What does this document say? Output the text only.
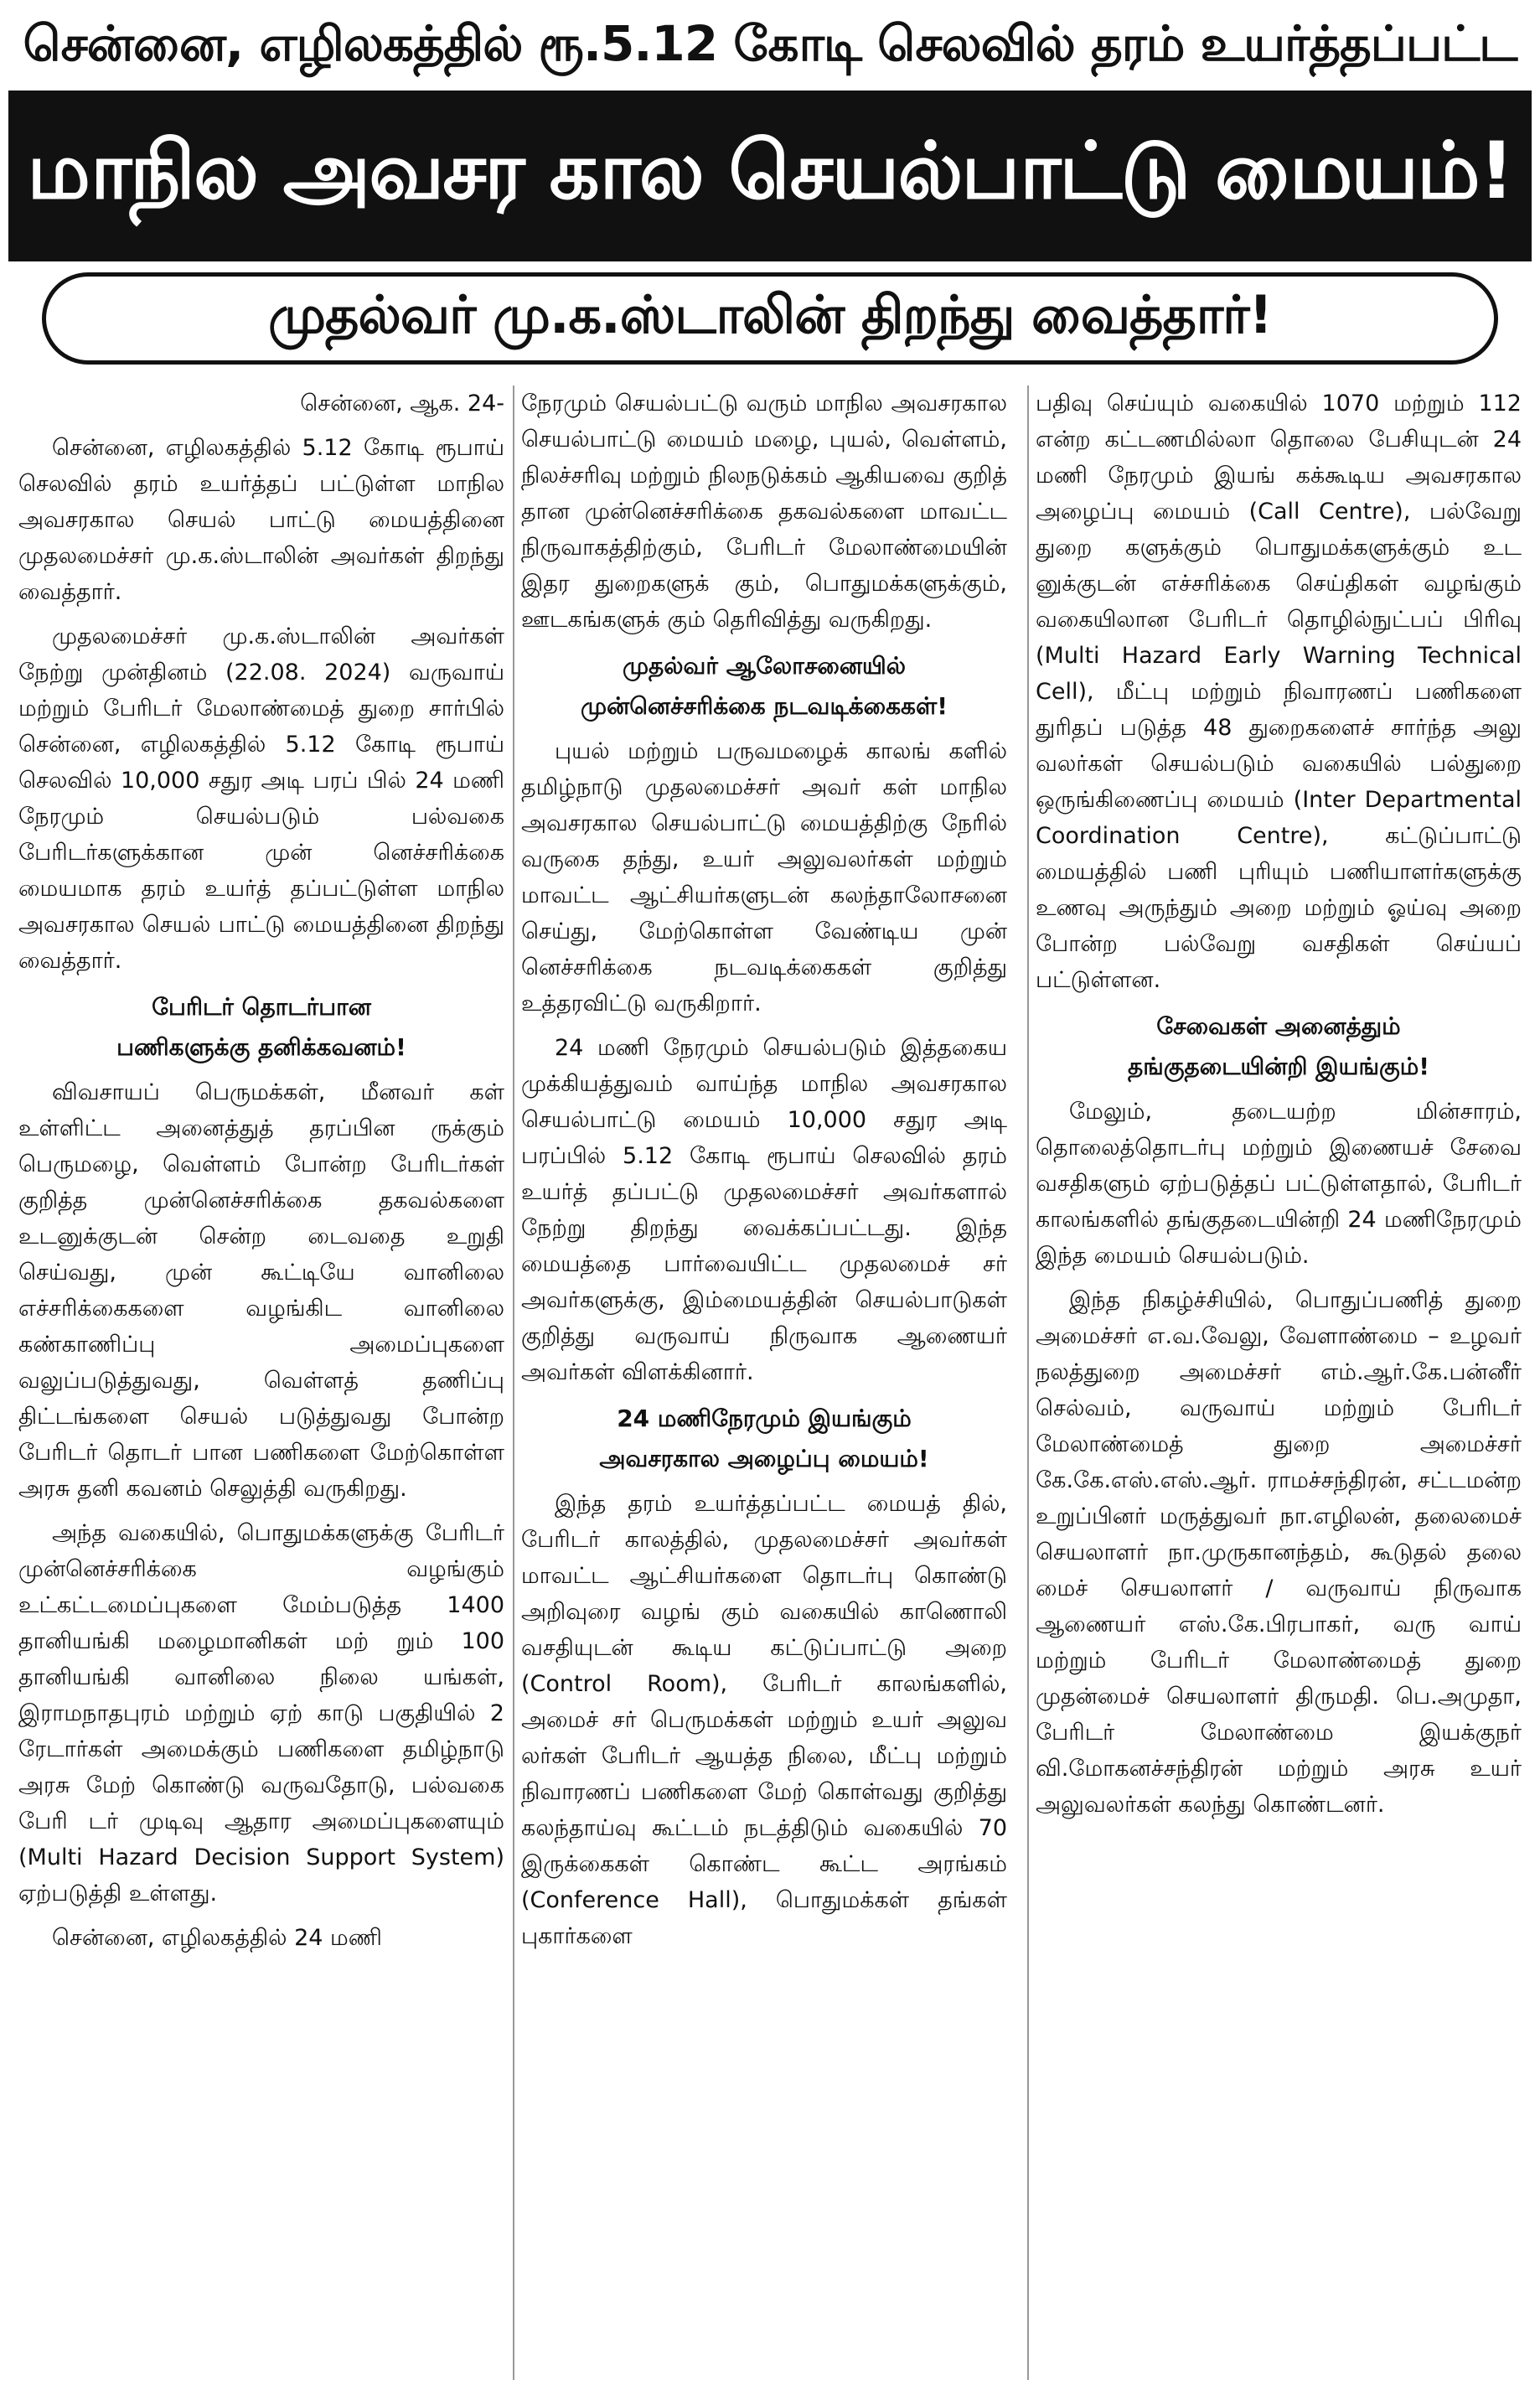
சென்னை, எழிலகத்தில் ரூ.5.12 கோடி செலவில் தரம் உயர்த்தப்பட்ட
மாநில அவசர கால செயல்பாட்டு மையம்!
முதல்வர் மு.க.ஸ்டாலின் திறந்து வைத்தார்!

சென்னை, ஆக. 24-

சென்னை, எழிலகத்தில் 5.12 கோடி ரூபாய் செலவில் தரம் உயர்த்தப் பட்டுள்ள மாநில அவசரகால செயல் பாட்டு மையத்தினை முதலமைச்சர் மு.க.ஸ்டாலின் அவர்கள் திறந்து வைத்தார்.

முதலமைச்சர் மு.க.ஸ்டாலின் அவர்கள் நேற்று முன்தினம் (22.08. 2024) வருவாய் மற்றும் பேரிடர் மேலாண்மைத் துறை சார்பில் சென்னை, எழிலகத்தில் 5.12 கோடி ரூபாய் செலவில் 10,000 சதுர அடி பரப் பில் 24 மணி நேரமும் செயல்படும் பல்வகை பேரிடர்களுக்கான முன் னெச்சரிக்கை மையமாக தரம் உயர்த் தப்பட்டுள்ள மாநில அவசரகால செயல் பாட்டு மையத்தினை திறந்து வைத்தார்.

பேரிடர் தொடர்பான
பணிகளுக்கு தனிக்கவனம்!

விவசாயப் பெருமக்கள், மீனவர் கள் உள்ளிட்ட அனைத்துத் தரப்பின ருக்கும் பெருமழை, வெள்ளம் போன்ற பேரிடர்கள் குறித்த முன்னெச்சரிக்கை தகவல்களை உடனுக்குடன் சென்ற டைவதை உறுதி செய்வது, முன் கூட்டியே வானிலை எச்சரிக்கைகளை வழங்கிட வானிலை கண்காணிப்பு அமைப்புகளை வலுப்படுத்துவது, வெள்ளத் தணிப்பு திட்டங்களை செயல் படுத்துவது போன்ற பேரிடர் தொடர் பான பணிகளை மேற்கொள்ள அரசு தனி கவனம் செலுத்தி வருகிறது.

அந்த வகையில், பொதுமக்களுக்கு பேரிடர் முன்னெச்சரிக்கை வழங்கும் உட்கட்டமைப்புகளை மேம்படுத்த 1400 தானியங்கி மழைமானிகள் மற் றும் 100 தானியங்கி வானிலை நிலை யங்கள், இராமநாதபுரம் மற்றும் ஏற் காடு பகுதியில் 2 ரேடார்கள் அமைக்கும் பணிகளை தமிழ்நாடு அரசு மேற் கொண்டு வருவதோடு, பல்வகை பேரி டர் முடிவு ஆதார அமைப்புகளையும் (Multi Hazard Decision Support System) ஏற்படுத்தி உள்ளது.

சென்னை, எழிலகத்தில் 24 மணி

நேரமும் செயல்பட்டு வரும் மாநில அவசரகால செயல்பாட்டு மையம் மழை, புயல், வெள்ளம், நிலச்சரிவு மற்றும் நிலநடுக்கம் ஆகியவை குறித் தான முன்னெச்சரிக்கை தகவல்களை மாவட்ட நிருவாகத்திற்கும், பேரிடர் மேலாண்மையின் இதர துறைகளுக் கும், பொதுமக்களுக்கும், ஊடகங்களுக் கும் தெரிவித்து வருகிறது.

முதல்வர் ஆலோசனையில்
முன்னெச்சரிக்கை நடவடிக்கைகள்!

புயல் மற்றும் பருவமழைக் காலங் களில் தமிழ்நாடு முதலமைச்சர் அவர் கள் மாநில அவசரகால செயல்பாட்டு மையத்திற்கு நேரில் வருகை தந்து, உயர் அலுவலர்கள் மற்றும் மாவட்ட ஆட்சியர்களுடன் கலந்தாலோசனை செய்து, மேற்கொள்ள வேண்டிய முன் னெச்சரிக்கை நடவடிக்கைகள் குறித்து உத்தரவிட்டு வருகிறார்.

24 மணி நேரமும் செயல்படும் இத்தகைய முக்கியத்துவம் வாய்ந்த மாநில அவசரகால செயல்பாட்டு மையம் 10,000 சதுர அடி பரப்பில் 5.12 கோடி ரூபாய் செலவில் தரம் உயர்த் தப்பட்டு முதலமைச்சர் அவர்களால் நேற்று திறந்து வைக்கப்பட்டது. இந்த மையத்தை பார்வையிட்ட முதலமைச் சர் அவர்களுக்கு, இம்மையத்தின் செயல்பாடுகள் குறித்து வருவாய் நிருவாக ஆணையர் அவர்கள் விளக்கினார்.

24 மணிநேரமும் இயங்கும்
அவசரகால அழைப்பு மையம்!

இந்த தரம் உயர்த்தப்பட்ட மையத் தில், பேரிடர் காலத்தில், முதலமைச்சர் அவர்கள் மாவட்ட ஆட்சியர்களை தொடர்பு கொண்டு அறிவுரை வழங் கும் வகையில் காணொலி வசதியுடன் கூடிய கட்டுப்பாட்டு அறை (Control Room), பேரிடர் காலங்களில், அமைச் சர் பெருமக்கள் மற்றும் உயர் அலுவ லர்கள் பேரிடர் ஆயத்த நிலை, மீட்பு மற்றும் நிவாரணப் பணிகளை மேற் கொள்வது குறித்து கலந்தாய்வு கூட்டம் நடத்திடும் வகையில் 70 இருக்கைகள் கொண்ட கூட்ட அரங்கம் (Conference Hall), பொதுமக்கள் தங்கள் புகார்களை

பதிவு செய்யும் வகையில் 1070 மற்றும் 112 என்ற கட்டணமில்லா தொலை பேசியுடன் 24 மணி நேரமும் இயங் கக்கூடிய அவசரகால அழைப்பு மையம் (Call Centre), பல்வேறு துறை களுக்கும் பொதுமக்களுக்கும் உட னுக்குடன் எச்சரிக்கை செய்திகள் வழங்கும் வகையிலான பேரிடர் தொழில்நுட்பப் பிரிவு (Multi Hazard Early Warning Technical Cell), மீட்பு மற்றும் நிவாரணப் பணிகளை துரிதப் படுத்த 48 துறைகளைச் சார்ந்த அலு வலர்கள் செயல்படும் வகையில் பல்துறை ஒருங்கிணைப்பு மையம் (Inter Departmental Coordination Centre), கட்டுப்பாட்டு மையத்தில் பணி புரியும் பணியாளர்களுக்கு உணவு அருந்தும் அறை மற்றும் ஓய்வு அறை போன்ற பல்வேறு வசதிகள் செய்யப் பட்டுள்ளன.

சேவைகள் அனைத்தும்
தங்குதடையின்றி இயங்கும்!

மேலும், தடையற்ற மின்சாரம், தொலைத்தொடர்பு மற்றும் இணையச் சேவை வசதிகளும் ஏற்படுத்தப் பட்டுள்ளதால், பேரிடர் காலங்களில் தங்குதடையின்றி 24 மணிநேரமும் இந்த மையம் செயல்படும்.

இந்த நிகழ்ச்சியில், பொதுப்பணித் துறை அமைச்சர் எ.வ.வேலு, வேளாண்மை – உழவர் நலத்துறை அமைச்சர் எம்.ஆர்.கே.பன்னீர் செல்வம், வருவாய் மற்றும் பேரிடர் மேலாண்மைத் துறை அமைச்சர் கே.கே.எஸ்.எஸ்.ஆர். ராமச்சந்திரன், சட்டமன்ற உறுப்பினர் மருத்துவர் நா.எழிலன், தலைமைச் செயலாளர் நா.முருகானந்தம், கூடுதல் தலை மைச் செயலாளர் / வருவாய் நிருவாக ஆணையர் எஸ்.கே.பிரபாகர், வரு வாய் மற்றும் பேரிடர் மேலாண்மைத் துறை முதன்மைச் செயலாளர் திருமதி. பெ.அமுதா, பேரிடர் மேலாண்மை இயக்குநர் வி.மோகனச்சந்திரன் மற்றும் அரசு உயர் அலுவலர்கள் கலந்து கொண்டனர்.
